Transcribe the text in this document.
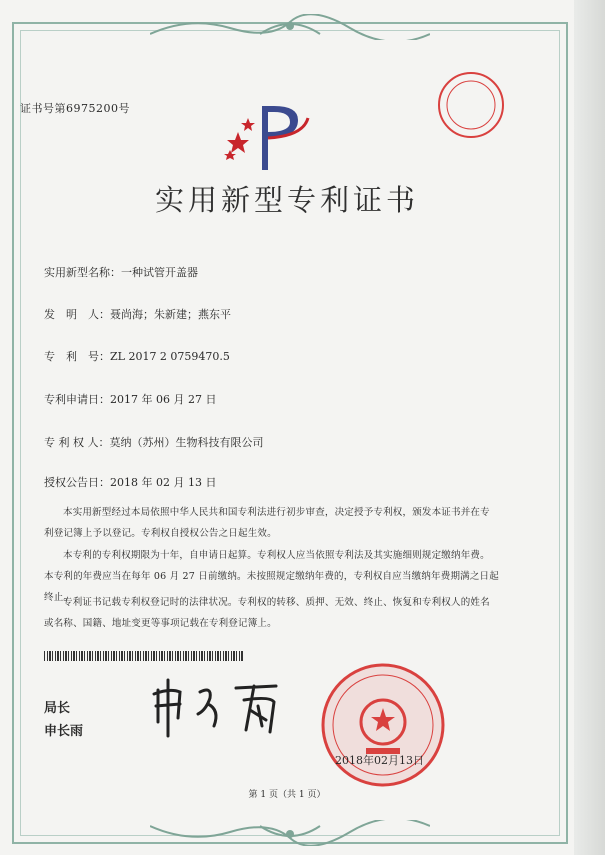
证书号第6975200号
实用新型专利证书
实用新型名称：一种试管开盖器
发　明　人：聂尚海；朱新建；燕东平
专　利　号：ZL 2017 2 0759470.5
专利申请日：2017 年 06 月 27 日
专 利 权 人：莫纳（苏州）生物科技有限公司
授权公告日：2018 年 02 月 13 日
本实用新型经过本局依照中华人民共和国专利法进行初步审查，决定授予专利权，颁发本证书并在专利登记簿上予以登记。专利权自授权公告之日起生效。
本专利的专利权期限为十年，自申请日起算。专利权人应当依照专利法及其实施细则规定缴纳年费。本专利的年费应当在每年 06 月 27 日前缴纳。未按照规定缴纳年费的，专利权自应当缴纳年费期满之日起终止。
专利证书记载专利权登记时的法律状况。专利权的转移、质押、无效、终止、恢复和专利权人的姓名或名称、国籍、地址变更等事项记载在专利登记簿上。
局长
申长雨
2018年02月13日
第 1 页（共 1 页）
